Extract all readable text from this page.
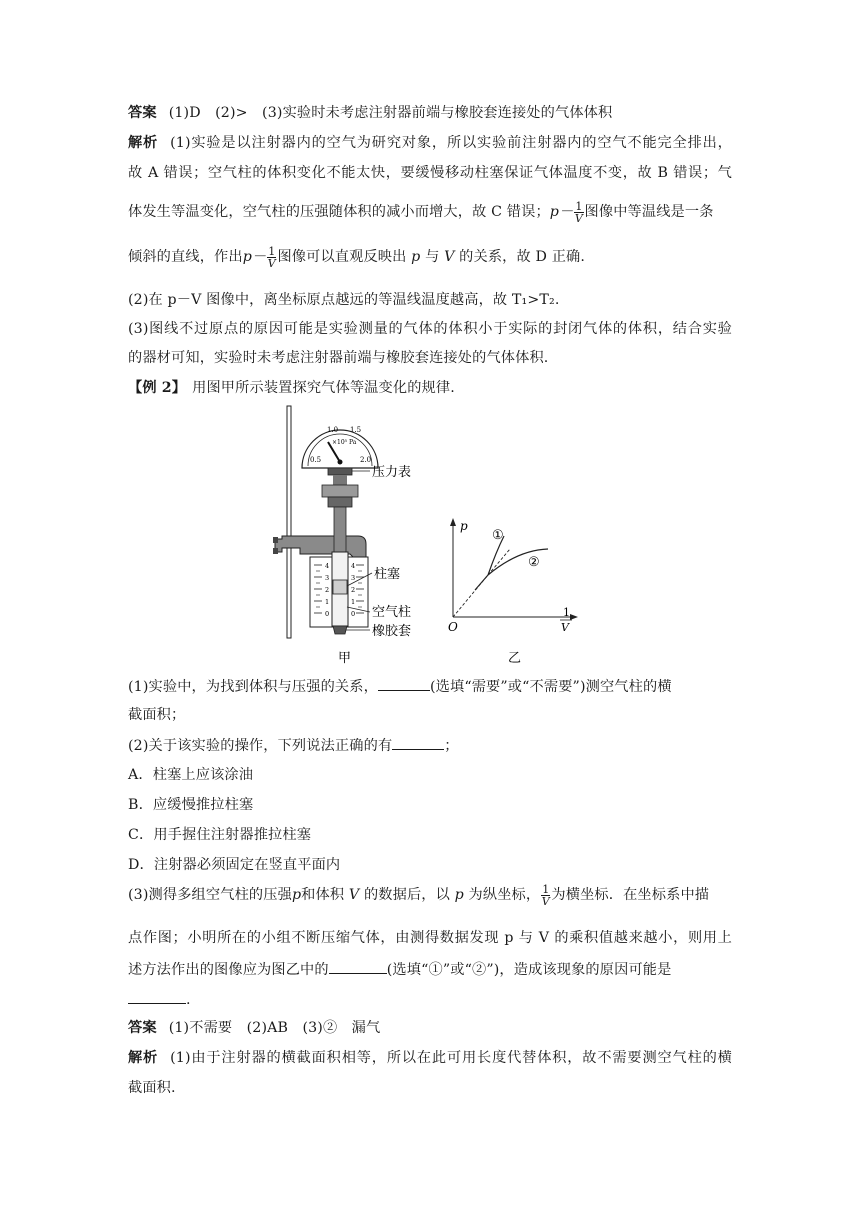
答案 (1)D　(2)>　(3)实验时未考虑注射器前端与橡胶套连接处的气体体积
解析 (1)实验是以注射器内的空气为研究对象，所以实验前注射器内的空气不能完全排出，
故 A 错误；空气柱的体积变化不能太快，要缓慢移动柱塞保证气体温度不变，故 B 错误；气
体发生等温变化，空气柱的压强随体积的减小而增大，故 C 错误；$p- \frac{1}{V}$ 图像中等温线是一条
倾斜的直线，作出$p- \frac{1}{V}$ 图像可以直观反映出 p 与 V 的关系，故 D 正确.
(2)在 p－V 图像中，离坐标原点越远的等温线温度越高，故 T₁>T₂.
(3)图线不过原点的原因可能是实验测量的气体的体积小于实际的封闭气体的体积，结合实验
的器材可知，实验时未考虑注射器前端与橡胶套连接处的气体体积.
【例 2】 用图甲所示装置探究气体等温变化的规律.
0.5
1.0 1.5
2.0
×10⁵ Pa
4
3
2
1
0
4
3
2
1
0
压力表
柱塞
空气柱
橡胶套
p
O
1
V
①
②
甲	乙
(1)实验中，为找到体积与压强的关系，	(选填“需要”或“不需要”)测空气柱的横
截面积；
(2)关于该实验的操作，下列说法正确的有	；
A．柱塞上应该涂油
B．应缓慢推拉柱塞
C．用手握住注射器推拉柱塞
D．注射器必须固定在竖直平面内
(3)测得多组空气柱的压强p和体积 V 的数据后，以 p 为纵坐标， $\frac{1}{V}$ 为横坐标．在坐标系中描
点作图；小明所在的小组不断压缩气体，由测得数据发现 p 与 V 的乘积值越来越小，则用上
述方法作出的图像应为图乙中的	(选填“①”或“②”)，造成该现象的原因可能是
.
答案 (1)不需要　(2)AB　(3)②　漏气
解析 (1)由于注射器的横截面积相等，所以在此可用长度代替体积，故不需要测空气柱的横
截面积.
